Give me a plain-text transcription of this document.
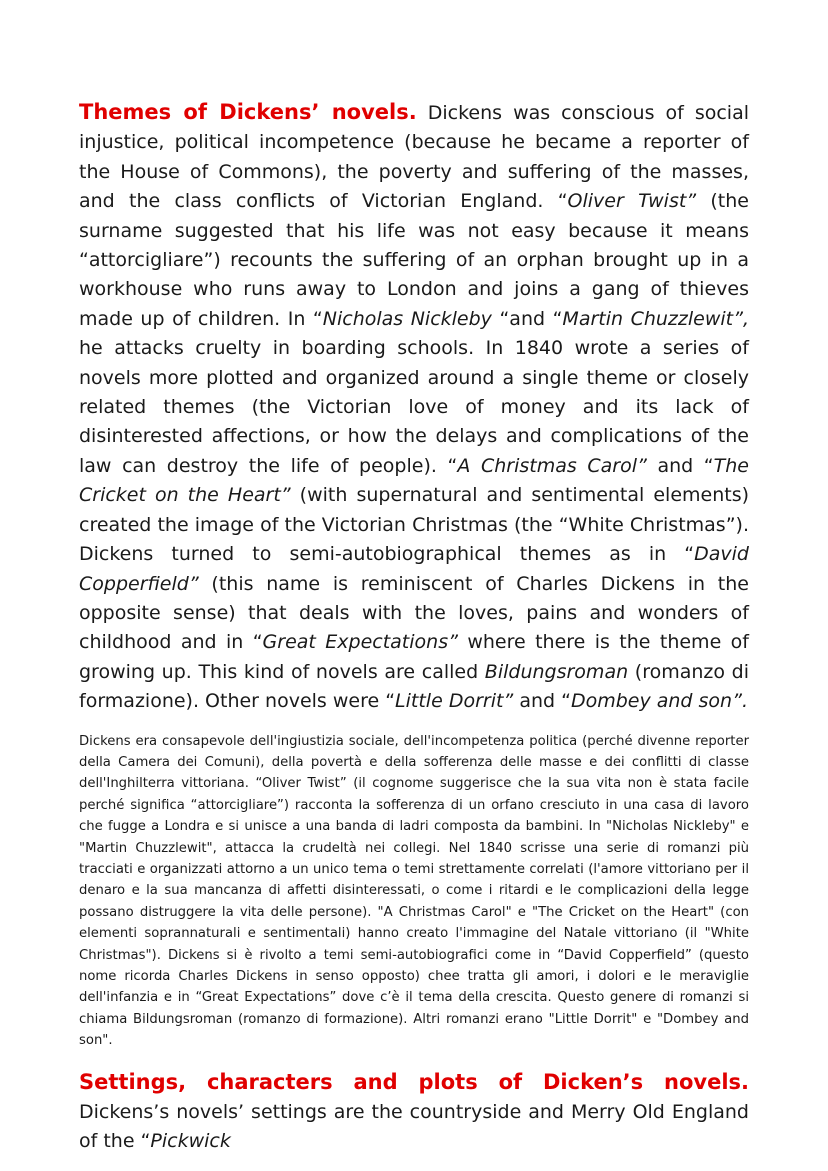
Themes of Dickens’ novels. Dickens was conscious of social injustice, political incompetence (because he became a reporter of the House of Commons), the poverty and suffering of the masses, and the class conflicts of Victorian England. “Oliver Twist” (the surname suggested that his life was not easy because it means “attorcigliare”) recounts the suffering of an orphan brought up in a workhouse who runs away to London and joins a gang of thieves made up of children. In “Nicholas Nickleby “and “Martin Chuzzlewit”, he attacks cruelty in boarding schools. In 1840 wrote a series of novels more plotted and organized around a single theme or closely related themes (the Victorian love of money and its lack of disinterested affections, or how the delays and complications of the law can destroy the life of people). “A Christmas Carol” and “The Cricket on the Heart” (with supernatural and sentimental elements) created the image of the Victorian Christmas (the “White Christmas”). Dickens turned to semi-autobiographical themes as in “David Copperfield” (this name is reminiscent of Charles Dickens in the opposite sense) that deals with the loves, pains and wonders of childhood and in “Great Expectations” where there is the theme of growing up. This kind of novels are called Bildungsroman (romanzo di formazione). Other novels were “Little Dorrit” and “Dombey and son”.

Dickens era consapevole dell'ingiustizia sociale, dell'incompetenza politica (perché divenne reporter della Camera dei Comuni), della povertà e della sofferenza delle masse e dei conflitti di classe dell'Inghilterra vittoriana. “Oliver Twist” (il cognome suggerisce che la sua vita non è stata facile perché significa “attorcigliare”) racconta la sofferenza di un orfano cresciuto in una casa di lavoro che fugge a Londra e si unisce a una banda di ladri composta da bambini. In "Nicholas Nickleby" e "Martin Chuzzlewit", attacca la crudeltà nei collegi. Nel 1840 scrisse una serie di romanzi più tracciati e organizzati attorno a un unico tema o temi strettamente correlati (l'amore vittoriano per il denaro e la sua mancanza di affetti disinteressati, o come i ritardi e le complicazioni della legge possano distruggere la vita delle persone). "A Christmas Carol" e "The Cricket on the Heart" (con elementi soprannaturali e sentimentali) hanno creato l'immagine del Natale vittoriano (il "White Christmas"). Dickens si è rivolto a temi semi-autobiografici come in “David Copperfield” (questo nome ricorda Charles Dickens in senso opposto) chee tratta gli amori, i dolori e le meraviglie dell'infanzia e in “Great Expectations” dove c’è il tema della crescita. Questo genere di romanzi si chiama Bildungsroman (romanzo di formazione). Altri romanzi erano "Little Dorrit" e "Dombey and son".

Settings, characters and plots of Dicken’s novels. Dickens’s novels’ settings are the countryside and Merry Old England of the “Pickwick
